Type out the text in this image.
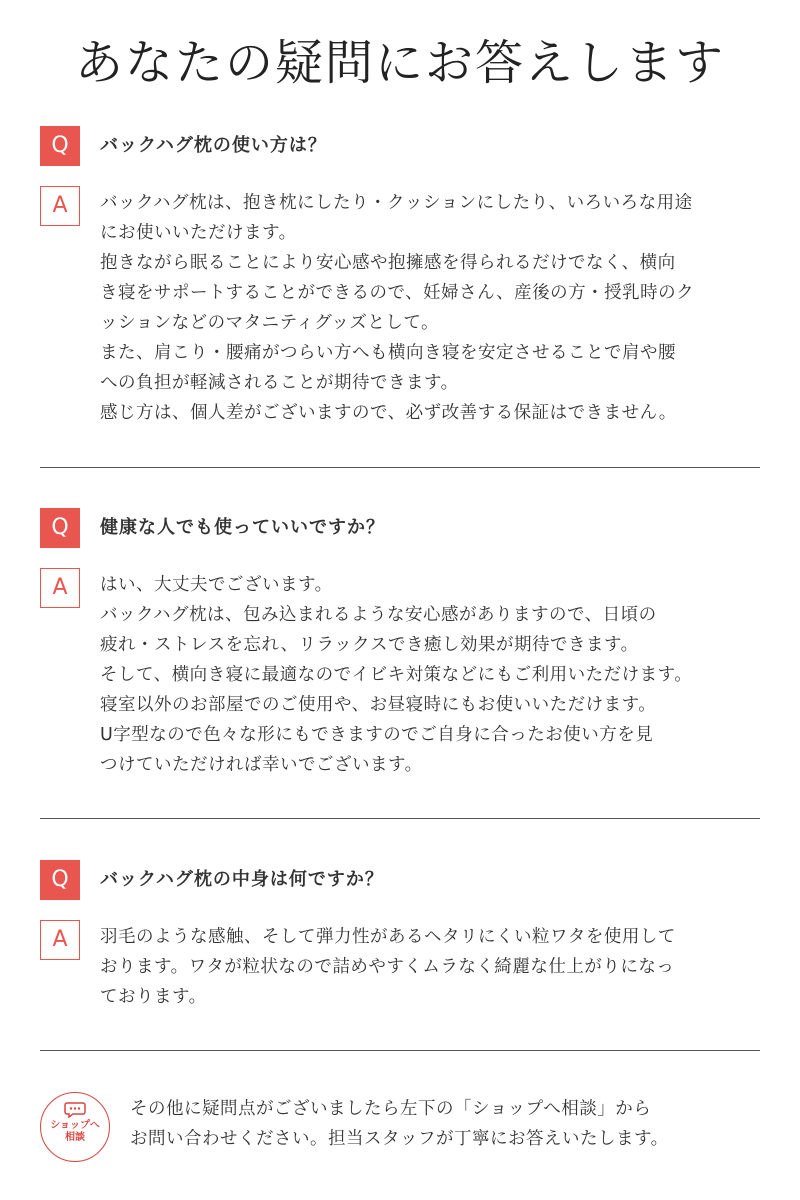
あなたの疑問にお答えします
Q	バックハグ枕の使い方は？
A	バックハグ枕は、抱き枕にしたり・クッションにしたり、いろいろな用途
にお使いいただけます。
抱きながら眠ることにより安心感や抱擁感を得られるだけでなく、横向
き寝をサポートすることができるので、妊婦さん、産後の方・授乳時のク
ッションなどのマタニティグッズとして。
また、肩こり・腰痛がつらい方へも横向き寝を安定させることで肩や腰
への負担が軽減されることが期待できます。
感じ方は、個人差がございますので、必ず改善する保証はできません。
Q	健康な人でも使っていいですか？
A	はい、大丈夫でございます。
バックハグ枕は、包み込まれるような安心感がありますので、日頃の
疲れ・ストレスを忘れ、リラックスでき癒し効果が期待できます。
そして、横向き寝に最適なのでイビキ対策などにもご利用いただけます。
寝室以外のお部屋でのご使用や、お昼寝時にもお使いいただけます。
U字型なので色々な形にもできますのでご自身に合ったお使い方を見
つけていただければ幸いでございます。
Q	バックハグ枕の中身は何ですか？
A	羽毛のような感触、そして弾力性があるヘタリにくい粒ワタを使用して
おります。ワタが粒状なので詰めやすくムラなく綺麗な仕上がりになっ
ております。
ショップへ
相談
その他に疑問点がございましたら左下の「ショップへ相談」から
お問い合わせください。担当スタッフが丁寧にお答えいたします。
